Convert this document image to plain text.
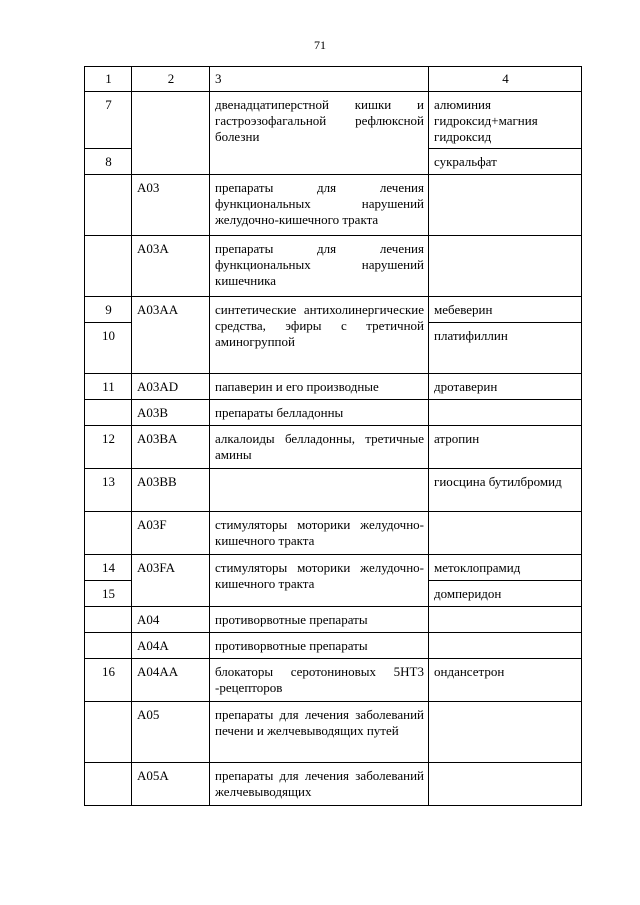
71
1	2	3	4
7		двенадцатиперстной кишки и гастроэзофагальной рефлюксной болезни	алюминия гидроксид+магния гидроксид
8			сукральфат
	A03	препараты для лечения функциональных нарушений желудочно-кишечного тракта	
	A03A	препараты для лечения функциональных нарушений кишечника	
9	A03AA	синтетические антихолинергические средства, эфиры с третичной аминогруппой	мебеверин
10			платифиллин
11	A03AD	папаверин и его производные	дротаверин
	A03B	препараты белладонны	
12	A03BA	алкалоиды белладонны, третичные амины	атропин
13	A03BB		гиосцина бутилбромид
	A03F	стимуляторы моторики желудочно-кишечного тракта	
14	A03FA	стимуляторы моторики желудочно-кишечного тракта	метоклопрамид
15			домперидон
	A04	противорвотные препараты	
	A04A	противорвотные препараты	
16	A04AA	блокаторы серотониновых 5HT3 -рецепторов	ондансетрон
	A05	препараты для лечения заболеваний печени и желчевыводящих путей	
	A05A	препараты для лечения заболеваний желчевыводящих	
